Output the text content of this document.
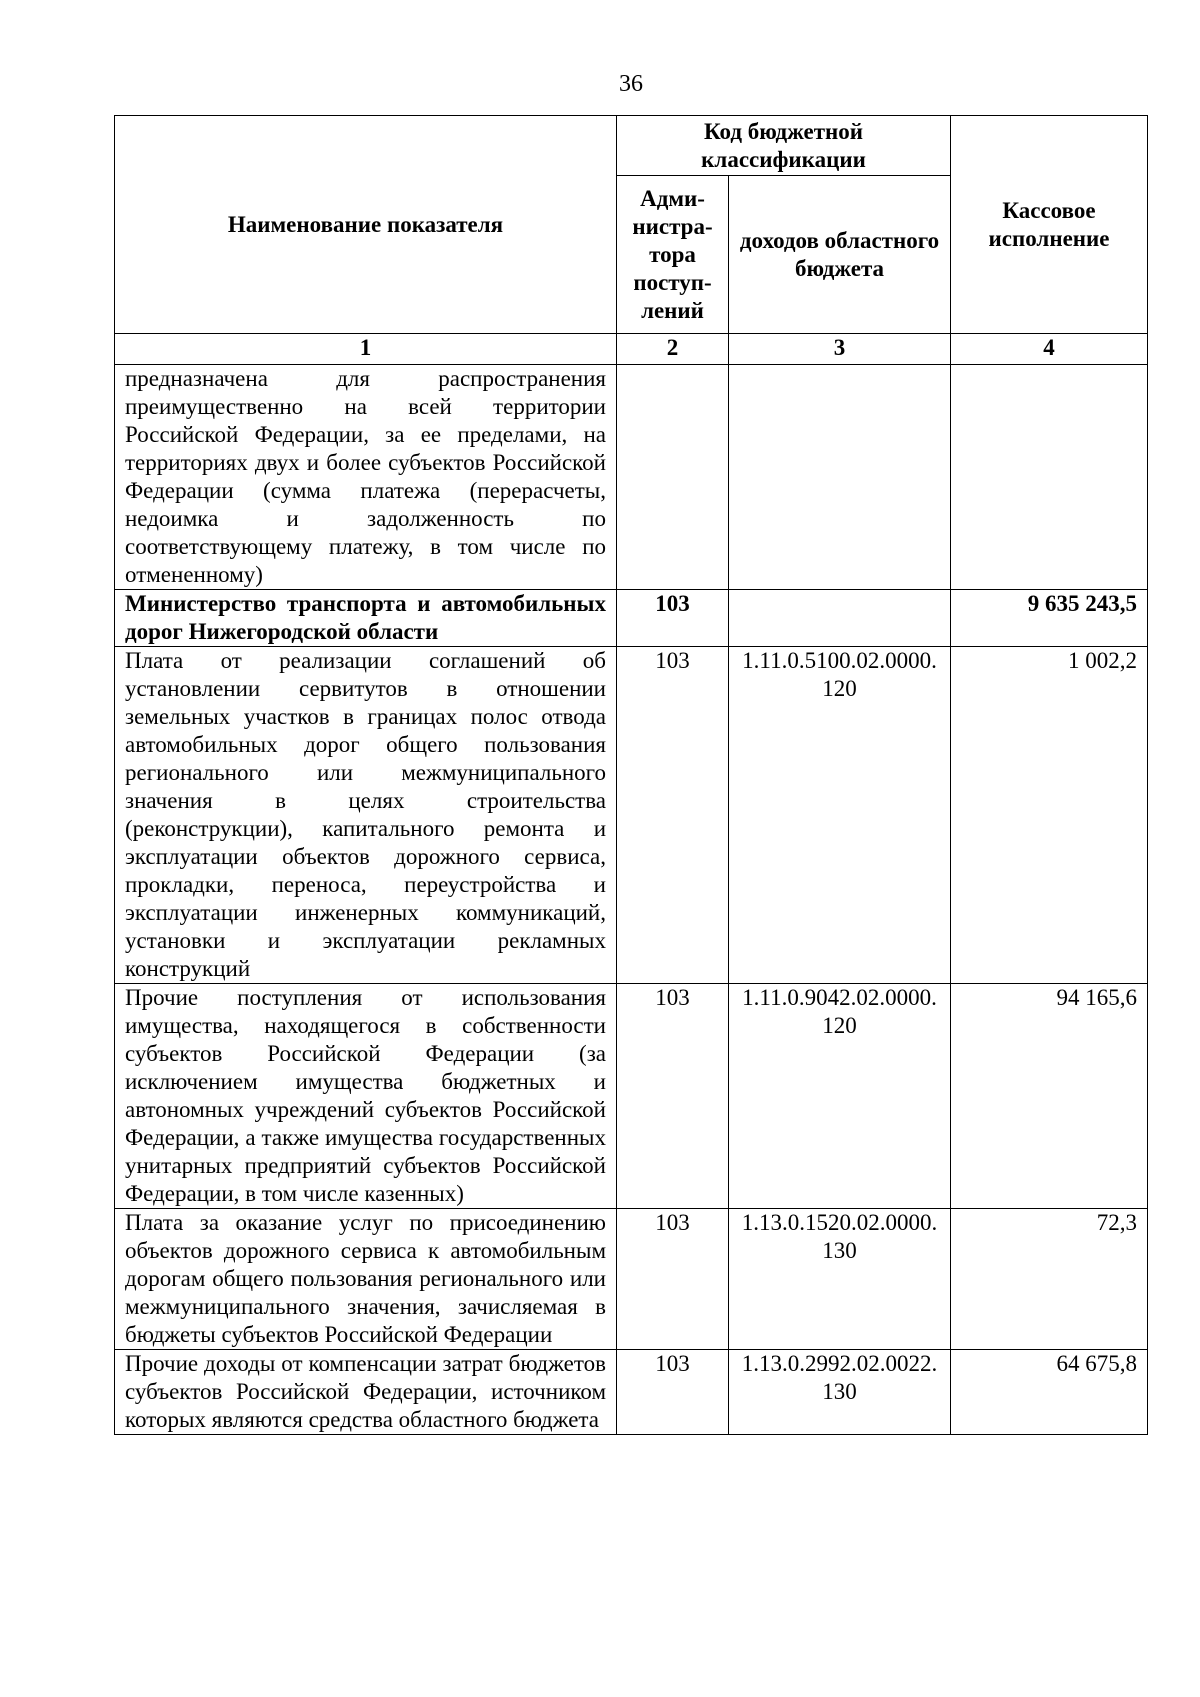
36
Наименование показателя	Код бюджетной классификации		Кассовое исполнение
	Адми-нистра-тора поступ-лений	доходов областного бюджета	
1	2	3	4
предназначена для распространения преимущественно на всей территории Российской Федерации, за ее пределами, на территориях двух и более субъектов Российской Федерации (сумма платежа (перерасчеты, недоимка и задолженность по соответствующему платежу, в том числе по отмененному)			
Министерство транспорта и автомобильных дорог Нижегородской области	103		9 635 243,5
Плата от реализации соглашений об установлении сервитутов в отношении земельных участков в границах полос отвода автомобильных дорог общего пользования регионального или межмуниципального значения в целях строительства (реконструкции), капитального ремонта и эксплуатации объектов дорожного сервиса, прокладки, переноса, переустройства и эксплуатации инженерных коммуникаций, установки и эксплуатации рекламных конструкций	103	1.11.0.5100.02.0000. 120	1 002,2
Прочие поступления от использования имущества, находящегося в собственности субъектов Российской Федерации (за исключением имущества бюджетных и автономных учреждений субъектов Российской Федерации, а также имущества государственных унитарных предприятий субъектов Российской Федерации, в том числе казенных)	103	1.11.0.9042.02.0000. 120	94 165,6
Плата за оказание услуг по присоединению объектов дорожного сервиса к автомобильным дорогам общего пользования регионального или межмуниципального значения, зачисляемая в бюджеты субъектов Российской Федерации	103	1.13.0.1520.02.0000. 130	72,3
Прочие доходы от компенсации затрат бюджетов субъектов Российской Федерации, источником которых являются средства областного бюджета	103	1.13.0.2992.02.0022. 130	64 675,8
